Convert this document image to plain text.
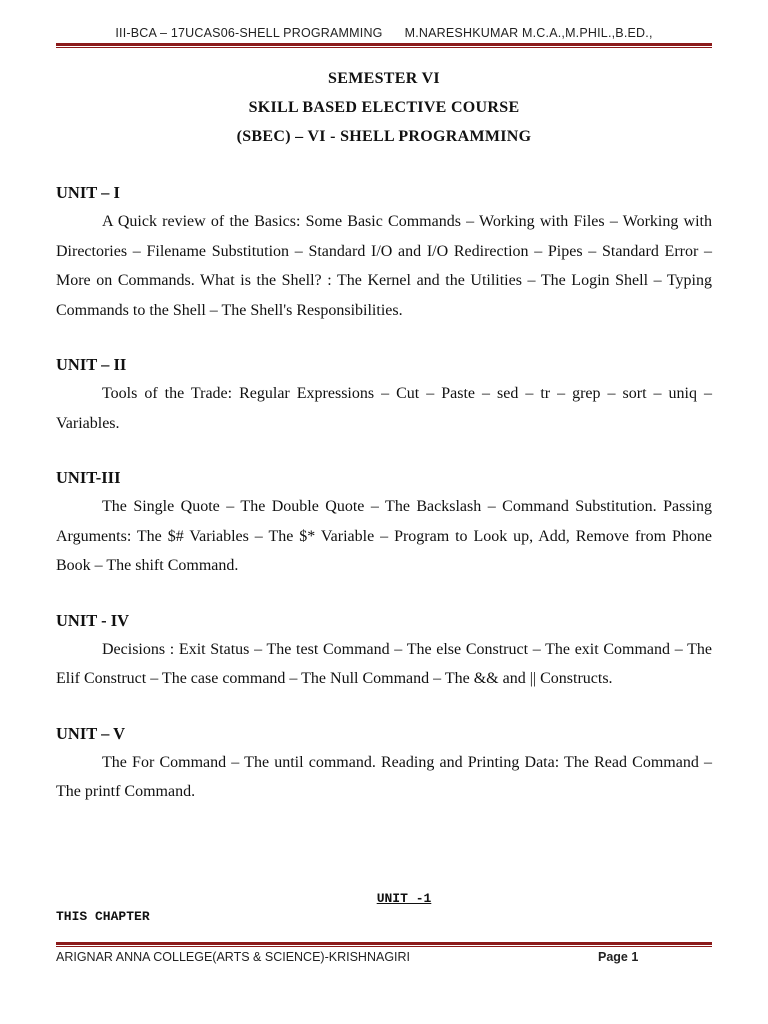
III-BCA – 17UCAS06-SHELL PROGRAMMING M.NARESHKUMAR M.C.A.,M.PHIL.,B.ED.,
SEMESTER VI
SKILL BASED ELECTIVE COURSE
(SBEC) – VI - SHELL PROGRAMMING

UNIT – I

A Quick review of the Basics: Some Basic Commands – Working with Files – Working with Directories – Filename Substitution – Standard I/O and I/O Redirection – Pipes – Standard Error – More on Commands. What is the Shell? : The Kernel and the Utilities – The Login Shell – Typing Commands to the Shell – The Shell's Responsibilities.

UNIT – II

Tools of the Trade: Regular Expressions – Cut – Paste – sed – tr – grep – sort – uniq – Variables.

UNIT-III

The Single Quote – The Double Quote – The Backslash – Command Substitution. Passing Arguments: The $# Variables – The $* Variable – Program to Look up, Add, Remove from Phone Book – The shift Command.

UNIT - IV

Decisions : Exit Status – The test Command – The else Construct – The exit Command – The Elif Construct – The case command – The Null Command – The && and || Constructs.

UNIT – V

The For Command – The until command. Reading and Printing Data: The Read Command – The printf Command.

UNIT -1
THIS CHAPTER
ARIGNAR ANNA COLLEGE(ARTS & SCIENCE)-KRISHNAGIRI	Page 1
